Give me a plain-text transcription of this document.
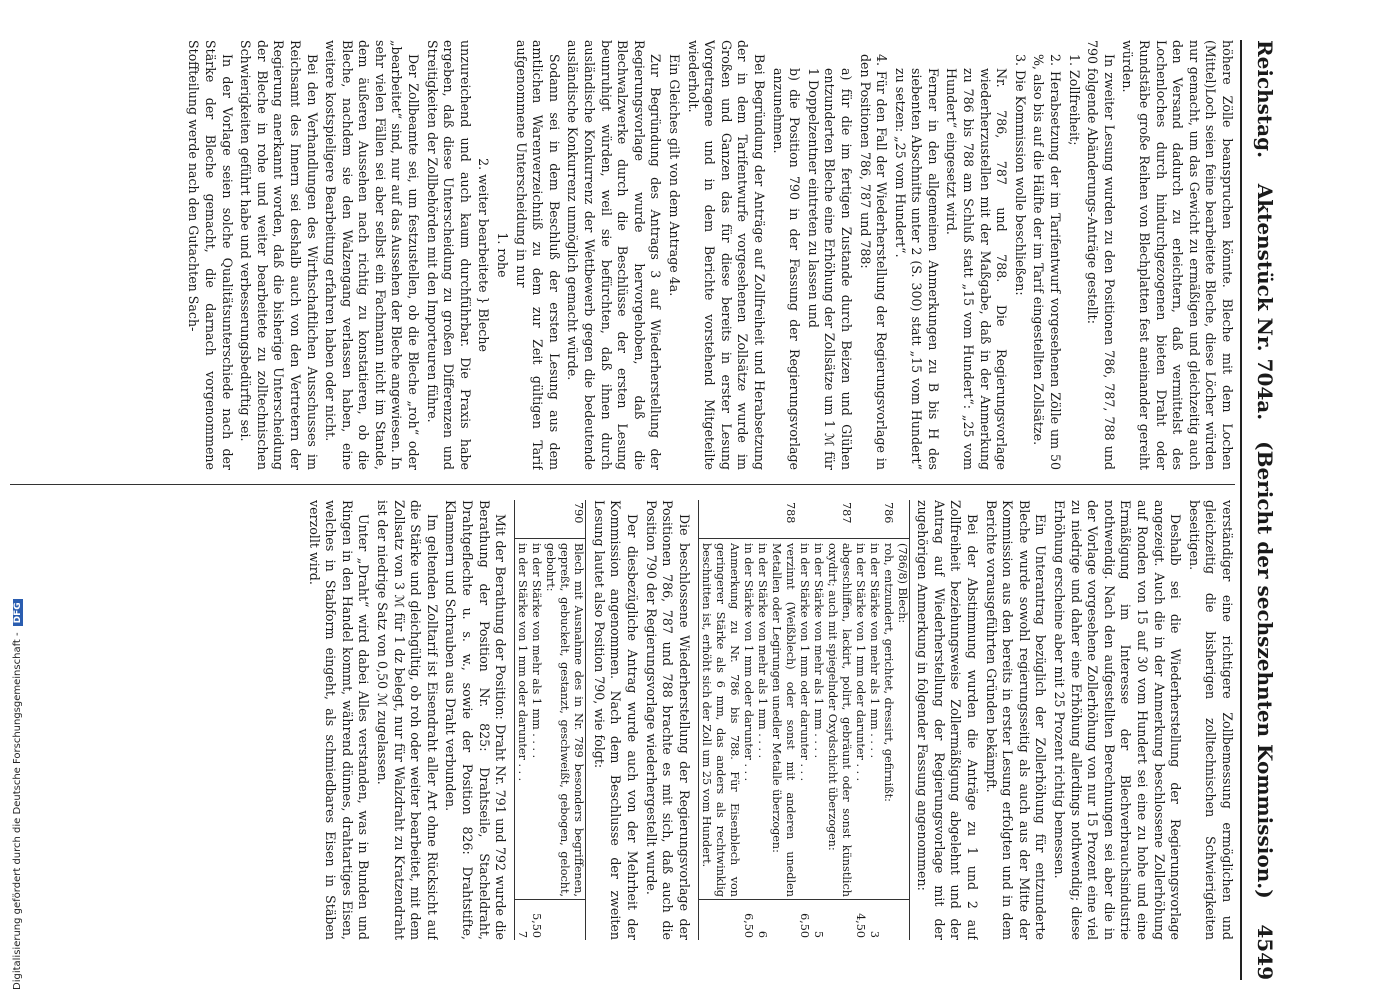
Reichstag.
Aktenstück Nr. 704a.   (Bericht der sechszehnten Kommission.)
4549

höhere Zölle beanspruchen könnte. Bleche mit dem Lochen (Mittel)Loch seien feine bearbeitete Bleche, diese Löcher würden nur gemacht, um das Gewicht zu ermäßigen und gleichzeitig auch den Versand dadurch zu erleichtern, daß vermittelst des Lochenloches durch hindurchgezogenen bieten Draht oder Rundstäbe große Reihen von Blechplatten fest aneinander gereiht würden.

In zweiter Lesung wurden zu den Positionen 786, 787, 788 und 790 folgende Abänderungs-Anträge gestellt:

1. Zollfreiheit;

2. Herabsetzung der im Tarifentwurf vorgesehenen Zölle um 50 %, also bis auf die Hälfte der im Tarif eingestellten Zollsätze.

3. Die Kommission wolle beschließen:

Nr. 786, 787 und 788. Die Regierungsvorlage wiederherzustellen mit der Maßgabe, daß in der Anmerkung zu 786 bis 788 am Schluß statt „15 vom Hundert“: „25 vom Hundert“ eingesetzt wird.

Ferner in den allgemeinen Anmerkungen zu B bis H des siebenten Abschnitts unter 2 (S. 300) statt „15 vom Hundert“ zu setzen: „25 vom Hundert“.

4. Für den Fall der Wiederherstellung der Regierungsvorlage in den Positionen 786, 787 und 788:

a) für die im fertigen Zustande durch Beizen und Glühen entzunderten Bleche eine Erhöhung der Zollsätze um 1 ℳ für 1 Doppelzentner eintreten zu lassen und

b) die Position 790 in der Fassung der Regierungsvorlage anzunehmen.

Bei Begründung der Anträge auf Zollfreiheit und Herabsetzung der in dem Tarifentwurfe vorgesehenen Zollsätze wurde im Großen und Ganzen das für diese bereits in erster Lesung Vorgetragene und in dem Berichte vorstehend Mitgeteilte wiederholt.

Ein Gleiches gilt von dem Antrage 4a.

Zur Begründung des Antrags 3 auf Wiederherstellung der Regierungsvorlage wurde hervorgehoben, daß die Blechwalzwerke durch die Beschlüsse der ersten Lesung beunruhigt würden, weil sie befürchten, daß ihnen durch ausländische Konkurrenz der Wettbewerb gegen die bedeutende ausländische Konkurrenz unmöglich gemacht würde.

Sodann sei in dem Beschluß der ersten Lesung aus dem amtlichen Warenverzeichniß zu dem zur Zeit gültigen Tarif aufgenommene Unterscheidung in nur

1. rohe

2. weiter bearbeitete } Bleche

unzureichend und auch kaum durchführbar. Die Praxis habe ergeben, daß diese Unterscheidung zu großen Differenzen und Streitigkeiten der Zollbehörden mit den Importeuren führe.

Der Zollbeamte sei, um festzustellen, ob die Bleche „roh“ oder „bearbeitet“ sind, nur auf das Aussehen der Bleche angewiesen. In sehr vielen Fällen sei aber selbst ein Fachmann nicht im Stande, dem äußeren Aussehen nach richtig zu konstatieren, ob die Bleche, nachdem sie den Walzengang verlassen haben, eine weitere kostspieligere Bearbeitung erfahren haben oder nicht.

Bei den Verhandlungen des Wirthschaftlichen Ausschusses im Reichsamt des Innern sei deshalb auch von den Vertretern der Regierung anerkannt worden, daß die bisherige Unterscheidung der Bleche in rohe und weiter bearbeitete zu zolltechnischen Schwierigkeiten geführt habe und verbesserungsbedürftig sei.

In der Vorlage seien solche Qualitätsunterschiede nach der Stärke der Bleche gemacht, die darnach vorgenommene Stoffteilung werde nach den Gutachten Sach-

verständiger eine richtigere Zollbemessung ermöglichen und gleichzeitig die bisherigen zolltechnischen Schwierigkeiten beseitigen.

Deshalb sei die Wiederherstellung der Regierungsvorlage angezeigt. Auch die in der Anmerkung beschlossene Zollerhöhung auf Ronden von 15 auf 30 vom Hundert sei eine zu hohe und eine Ermäßigung im Interesse der Blechverbrauchsindustrie nothwendig. Nach den aufgestellten Berechnungen sei aber die in der Vorlage vorgesehene Zollerhöhung von nur 15 Prozent eine viel zu niedrige und daher eine Erhöhung allerdings nothwendig; diese Erhöhung erscheine aber mit 25 Prozent richtig bemessen.

Ein Unterantrag bezüglich der Zollerhöhung für entzunderte Bleche wurde sowohl regierungsseitig als auch aus der Mitte der Kommission aus den bereits in erster Lesung erfolgten und in dem Berichte vorausgeführten Gründen bekämpft.

Bei der Abstimmung wurden die Anträge zu 1 und 2 auf Zollfreiheit beziehungsweise Zollermäßigung abgelehnt und der Antrag auf Wiederherstellung der Regierungsvorlage mit der zugehörigen Anmerkung in folgender Fassung angenommen:

	(786/8) Blech:	
786	roh, entzundert, gerichtet, dressirt, gefirnißt:	
	in der Stärke von mehr als 1 mm . . . .	3
	in der Stärke von 1 mm oder darunter . . .	4,50
787	abgeschliffen, lackirt, polirt, gebräunt oder sonst künstlich oxydirt; auch mit spiegelnder Oxydschicht überzogen:	
	in der Stärke von mehr als 1 mm . . . .	5
	in der Stärke von 1 mm oder darunter . . .	6,50
788	verzinnt (Weißblech) oder sonst mit anderen unedlen Metallen oder Legirungen unedler Metalle überzogen:	
	in der Stärke von mehr als 1 mm . . . .	6
	in der Stärke von 1 mm oder darunter . . .	6,50
	Anmerkung zu Nr. 786 bis 788. Für Eisenblech von geringerer Stärke als 6 mm, das anders als rechtwinklig beschnitten ist, erhöht sich der Zoll um 25 vom Hundert.	

Die beschlossene Wiederherstellung der Regierungsvorlage der Positionen 786, 787 und 788 brachte es mit sich, daß auch die Position 790 der Regierungsvorlage wiederhergestellt wurde.

Der diesbezügliche Antrag wurde auch von der Mehrheit der Kommission angenommen. Nach dem Beschlusse der zweiten Lesung lautet also Position 790, wie folgt:

790	Blech mit Ausnahme des in Nr. 789 besonders begriffenen, gepreßt, gebuckelt, gestanzt, geschweißt, gebogen, gelocht, gebohrt:	
	in der Stärke von mehr als 1 mm . . . .	5,50
	in der Stärke von 1 mm oder darunter . . .	7

Mit der Berathung der Position: Draht Nr. 791 und 792 wurde die Berathung der Position Nr. 825: Drahtseile, Stacheldraht, Drahtgeflechte u. s. w., sowie der Position 826: Drahtstifte, Klammern und Schrauben aus Draht verbunden.

Im geltenden Zolltarif ist Eisendraht aller Art ohne Rücksicht auf die Stärke und gleichgültig, ob roh oder weiter bearbeitet, mit dem Zollsatz von 3 ℳ für 1 dz belegt, nur für Walzdraht zu Kratzendraht ist der niedrige Satz von 0,50 ℳ zugelassen.

Unter „Draht“ wird dabei Alles verstanden, was in Bunden und Ringen in den Handel kommt, während dünnes, drahtartiges Eisen, welches in Stabform eingeht, als schmiedbares Eisen in Stäben verzollt wird.

Digitalisierung gefördert durch die Deutsche Forschungsgemeinschaft -
DFG
